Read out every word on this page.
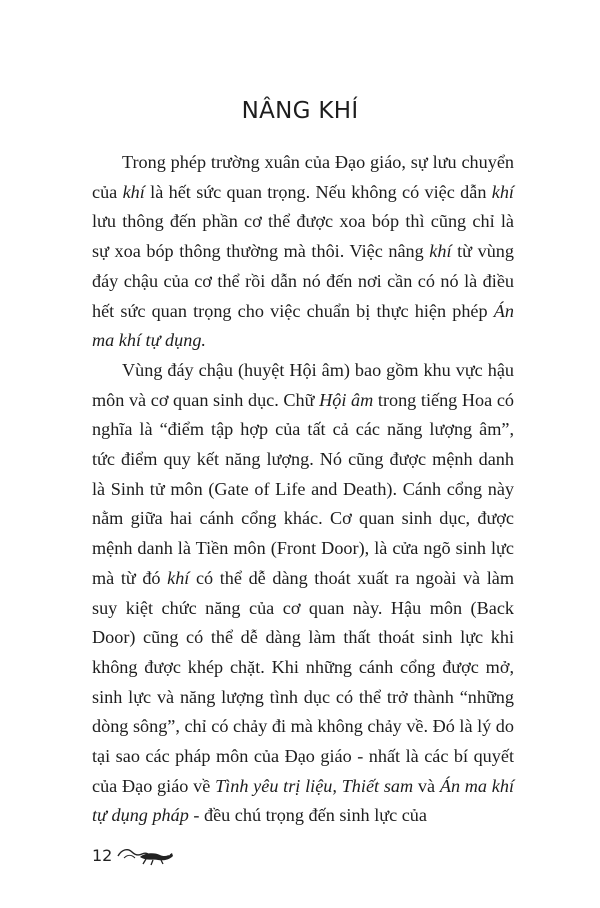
NÂNG KHÍ

Trong phép trường xuân của Đạo giáo, sự lưu chuyển của khí là hết sức quan trọng. Nếu không có việc dẫn khí lưu thông đến phần cơ thể được xoa bóp thì cũng chỉ là sự xoa bóp thông thường mà thôi. Việc nâng khí từ vùng đáy chậu của cơ thể rồi dẫn nó đến nơi cần có nó là điều hết sức quan trọng cho việc chuẩn bị thực hiện phép Án ma khí tự dụng.

Vùng đáy chậu (huyệt Hội âm) bao gồm khu vực hậu môn và cơ quan sinh dục. Chữ Hội âm trong tiếng Hoa có nghĩa là “điểm tập hợp của tất cả các năng lượng âm”, tức điểm quy kết năng lượng. Nó cũng được mệnh danh là Sinh tử môn (Gate of Life and Death). Cánh cổng này nằm giữa hai cánh cổng khác. Cơ quan sinh dục, được mệnh danh là Tiền môn (Front Door), là cửa ngõ sinh lực mà từ đó khí có thể dễ dàng thoát xuất ra ngoài và làm suy kiệt chức năng của cơ quan này. Hậu môn (Back Door) cũng có thể dễ dàng làm thất thoát sinh lực khi không được khép chặt. Khi những cánh cổng được mở, sinh lực và năng lượng tình dục có thể trở thành “những dòng sông”, chỉ có chảy đi mà không chảy về. Đó là lý do tại sao các pháp môn của Đạo giáo - nhất là các bí quyết của Đạo giáo về Tình yêu trị liệu, Thiết sam và Án ma khí tự dụng pháp - đều chú trọng đến sinh lực của

12
